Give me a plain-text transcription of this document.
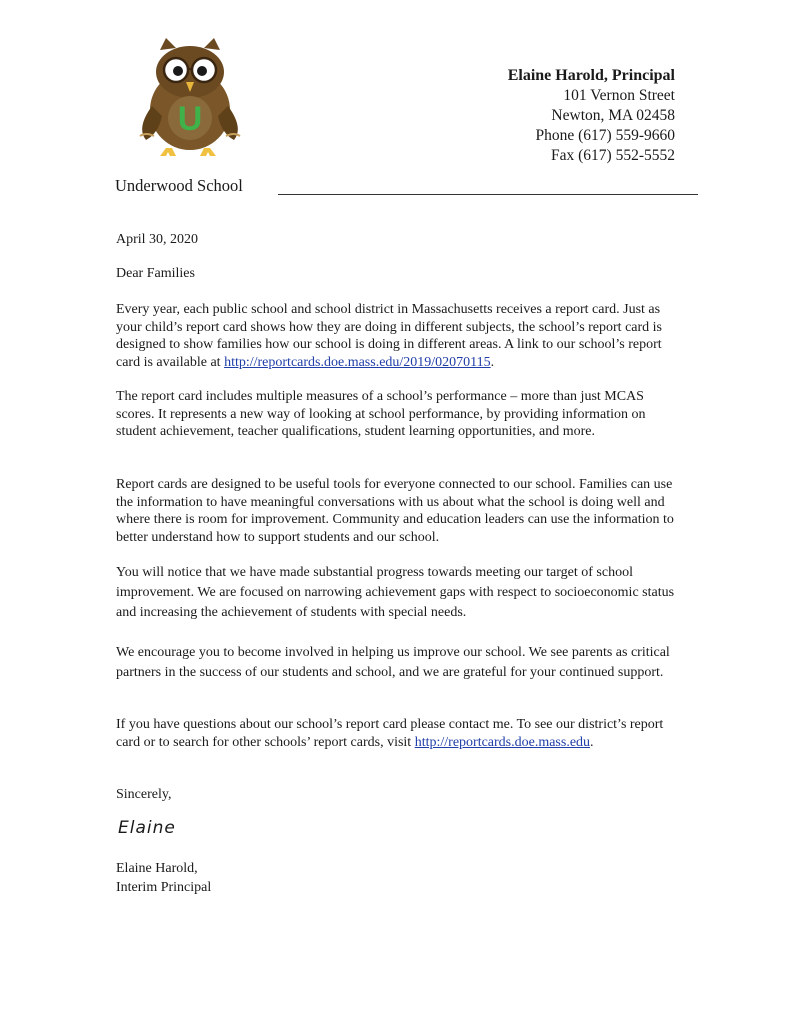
U
Elaine Harold, Principal
101 Vernon Street
Newton, MA 02458
Phone (617) 559-9660
Fax (617) 552-5552
Underwood School
April 30, 2020
Dear Families
Every year, each public school and school district in Massachusetts receives a report card. Just as your child’s report card shows how they are doing in different subjects, the school’s report card is designed to show families how our school is doing in different areas. A link to our school’s report card is available at http://reportcards.doe.mass.edu/2019/02070115.
The report card includes multiple measures of a school’s performance – more than just MCAS scores. It represents a new way of looking at school performance, by providing information on student achievement, teacher qualifications, student learning opportunities, and more.
Report cards are designed to be useful tools for everyone connected to our school. Families can use the information to have meaningful conversations with us about what the school is doing well and where there is room for improvement. Community and education leaders can use the information to better understand how to support students and our school.
You will notice that we have made substantial progress towards meeting our target of school improvement. We are focused on narrowing achievement gaps with respect to socioeconomic status and increasing the achievement of students with special needs.
We encourage you to become involved in helping us improve our school. We see parents as critical partners in the success of our students and school, and we are grateful for your continued support.
If you have questions about our school’s report card please contact me. To see our district’s report card or to search for other schools’ report cards, visit http://reportcards.doe.mass.edu.
Sincerely,
Elaine
Elaine Harold,
Interim Principal
